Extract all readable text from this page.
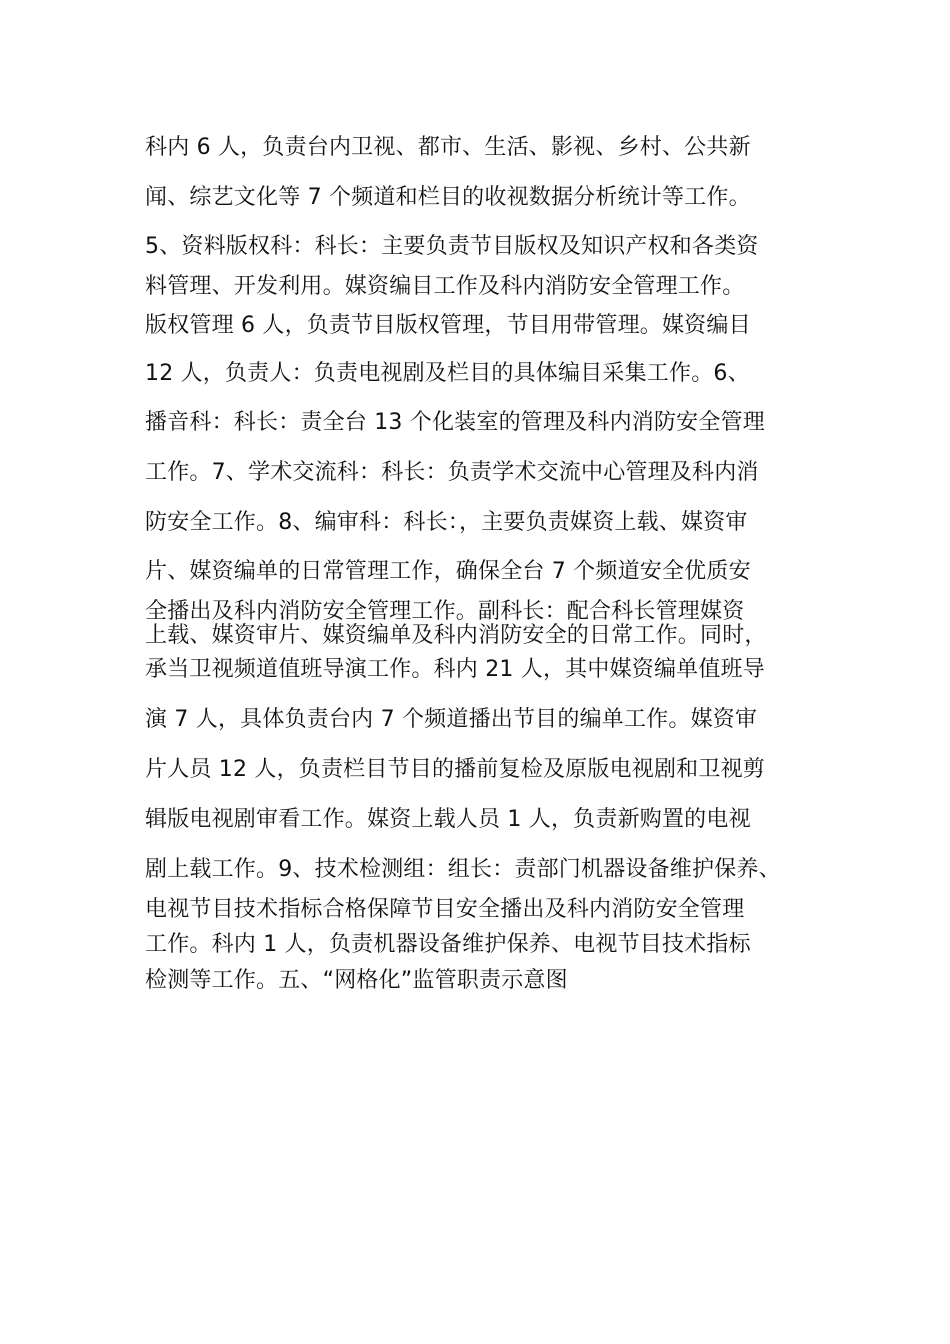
科内 6 人，负责台内卫视、都市、生活、影视、乡村、公共新
闻、综艺文化等 7 个频道和栏目的收视数据分析统计等工作。
5、资料版权科：科长：主要负责节目版权及知识产权和各类资
料管理、开发利用。媒资编目工作及科内消防安全管理工作。
版权管理 6 人，负责节目版权管理，节目用带管理。媒资编目
12 人，负责人：负责电视剧及栏目的具体编目采集工作。6、
播音科：科长：责全台 13 个化装室的管理及科内消防安全管理
工作。7、学术交流科：科长：负责学术交流中心管理及科内消
防安全工作。8、编审科：科长：，主要负责媒资上载、媒资审
片、媒资编单的日常管理工作，确保全台 7 个频道安全优质安
全播出及科内消防安全管理工作。副科长：配合科长管理媒资
上载、媒资审片、媒资编单及科内消防安全的日常工作。同时，
承当卫视频道值班导演工作。科内 21 人，其中媒资编单值班导
演 7 人，具体负责台内 7 个频道播出节目的编单工作。媒资审
片人员 12 人，负责栏目节目的播前复检及原版电视剧和卫视剪
辑版电视剧审看工作。媒资上载人员 1 人，负责新购置的电视
剧上载工作。9、技术检测组：组长：责部门机器设备维护保养、
电视节目技术指标合格保障节目安全播出及科内消防安全管理
工作。科内 1 人，负责机器设备维护保养、电视节目技术指标
检测等工作。五、“网格化”监管职责示意图
